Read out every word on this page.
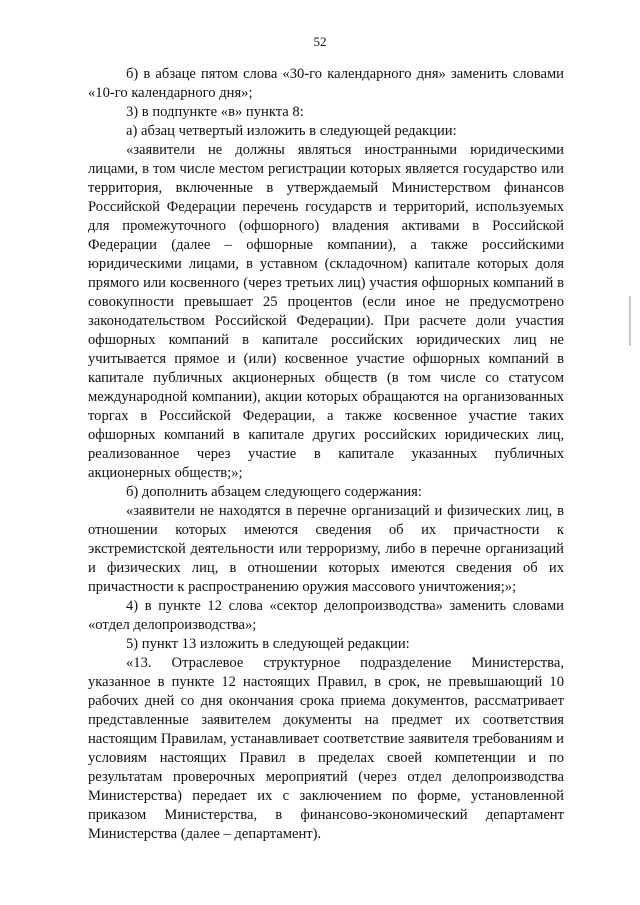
52

б) в абзаце пятом слова «30-го календарного дня» заменить словами «10-го календарного дня»;

3) в подпункте «в» пункта 8:

а) абзац четвертый изложить в следующей редакции:

«заявители не должны являться иностранными юридическими лицами, в том числе местом регистрации которых является государство или территория, включенные в утверждаемый Министерством финансов Российской Федерации перечень государств и территорий, используемых для промежуточного (офшорного) владения активами в Российской Федерации (далее – офшорные компании), а также российскими юридическими лицами, в уставном (складочном) капитале которых доля прямого или косвенного (через третьих лиц) участия офшорных компаний в совокупности превышает 25 процентов (если иное не предусмотрено законодательством Российской Федерации). При расчете доли участия офшорных компаний в капитале российских юридических лиц не учитывается прямое и (или) косвенное участие офшорных компаний в капитале публичных акционерных обществ (в том числе со статусом международной компании), акции которых обращаются на организованных торгах в Российской Федерации, а также косвенное участие таких офшорных компаний в капитале других российских юридических лиц, реализованное через участие в капитале указанных публичных акционерных обществ;»;

б) дополнить абзацем следующего содержания:

«заявители не находятся в перечне организаций и физических лиц, в отношении которых имеются сведения об их причастности к экстремистской деятельности или терроризму, либо в перечне организаций и физических лиц, в отношении которых имеются сведения об их причастности к распространению оружия массового уничтожения;»;

4) в пункте 12 слова «сектор делопроизводства» заменить словами «отдел делопроизводства»;

5) пункт 13 изложить в следующей редакции:

«13. Отраслевое структурное подразделение Министерства, указанное в пункте 12 настоящих Правил, в срок, не превышающий 10 рабочих дней со дня окончания срока приема документов, рассматривает представленные заявителем документы на предмет их соответствия настоящим Правилам, устанавливает соответствие заявителя требованиям и условиям настоящих Правил в пределах своей компетенции и по результатам проверочных мероприятий (через отдел делопроизводства Министерства) передает их с заключением по форме, установленной приказом Министерства, в финансово-экономический департамент Министерства (далее – департамент).
